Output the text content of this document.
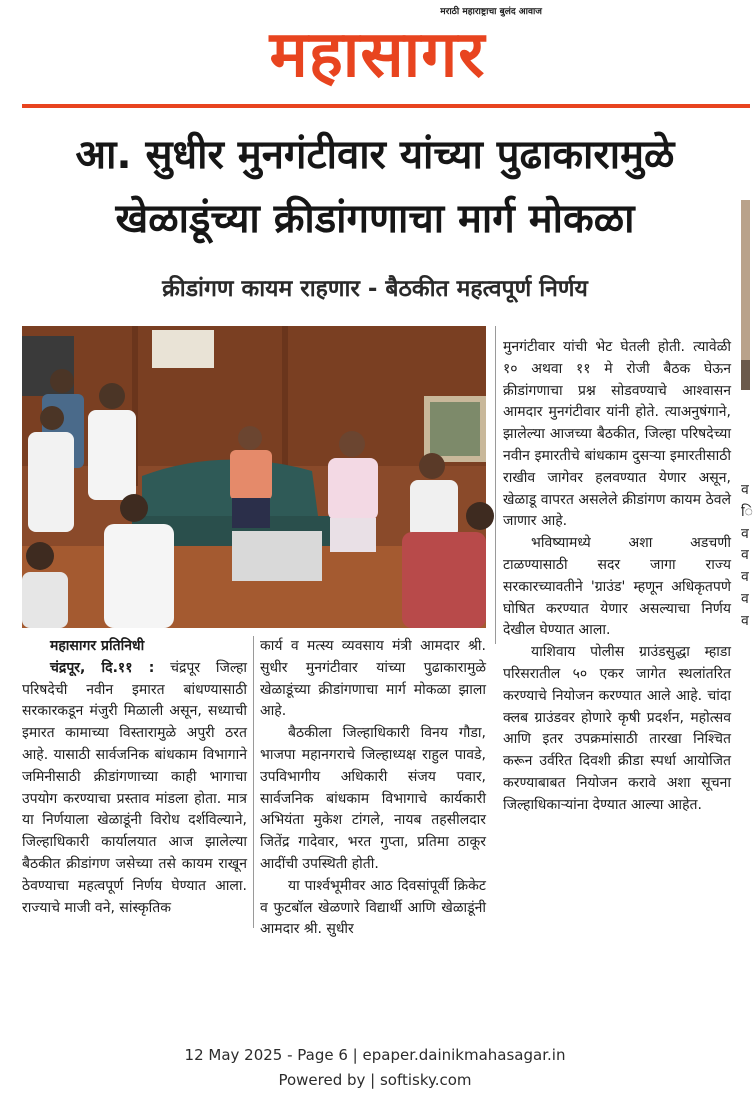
मराठी महाराष्ट्राचा बुलंद आवाज
महासागर
आ. सुधीर मुनगंटीवार यांच्या पुढाकारामुळे
खेळाडूंच्या क्रीडांगणाचा मार्ग मोकळा
क्रीडांगण कायम राहणार - बैठकीत महत्वपूर्ण निर्णय

महासागर प्रतिनिधी

चंद्रपूर, दि.११ : चंद्रपूर जिल्हा परिषदेची नवीन इमारत बांधण्यासाठी सरकारकडून मंजुरी मिळाली असून, सध्याची इमारत कामाच्या विस्तारामुळे अपुरी ठरत आहे. यासाठी सार्वजनिक बांधकाम विभागाने जमिनीसाठी क्रीडांगणाच्या काही भागाचा उपयोग करण्याचा प्रस्ताव मांडला होता. मात्र या निर्णयाला खेळाडूंनी विरोध दर्शविल्याने, जिल्हाधिकारी कार्यालयात आज झालेल्या बैठकीत क्रीडांगण जसेच्या तसे कायम राखून ठेवण्याचा महत्वपूर्ण निर्णय घेण्यात आला. राज्याचे माजी वने, सांस्कृतिक

कार्य व मत्स्य व्यवसाय मंत्री आमदार श्री. सुधीर मुनगंटीवार यांच्या पुढाकारामुळे खेळाडूंच्या क्रीडांगणाचा मार्ग मोकळा झाला आहे.

बैठकीला जिल्हाधिकारी विनय गौडा, भाजपा महानगराचे जिल्हाध्यक्ष राहुल पावडे, उपविभागीय अधिकारी संजय पवार, सार्वजनिक बांधकाम विभागाचे कार्यकारी अभियंता मुकेश टांगले, नायब तहसीलदार जितेंद्र गादेवार, भरत गुप्ता, प्रतिमा ठाकूर आदींची उपस्थिती होती.

या पार्श्वभूमीवर आठ दिवसांपूर्वी क्रिकेट व फुटबॉल खेळणारे विद्यार्थी आणि खेळाडूंनी आमदार श्री. सुधीर

मुनगंटीवार यांची भेट घेतली होती. त्यावेळी १० अथवा ११ मे रोजी बैठक घेऊन क्रीडांगणाचा प्रश्न सोडवण्याचे आश्वासन आमदार मुनगंटीवार यांनी होते. त्याअनुषंगाने, झालेल्या आजच्या बैठकीत, जिल्हा परिषदेच्या नवीन इमारतीचे बांधकाम दुसऱ्या इमारतीसाठी राखीव जागेवर हलवण्यात येणार असून, खेळाडू वापरत असलेले क्रीडांगण कायम ठेवले जाणार आहे.

भविष्यामध्ये अशा अडचणी टाळण्यासाठी सदर जागा राज्य सरकारच्यावतीने 'ग्राउंड' म्हणून अधिकृतपणे घोषित करण्यात येणार असल्याचा निर्णय देखील घेण्यात आला.

याशिवाय पोलीस ग्राउंडसुद्धा म्हाडा परिसरातील ५० एकर जागेत स्थलांतरित करण्याचे नियोजन करण्यात आले आहे. चांदा क्लब ग्राउंडवर होणारे कृषी प्रदर्शन, महोत्सव आणि इतर उपक्रमांसाठी तारखा निश्चित करून उर्वरित दिवशी क्रीडा स्पर्धा आयोजित करण्याबाबत नियोजन करावे अशा सूचना जिल्हाधिकाऱ्यांना देण्यात आल्या आहेत.

व ि व व व व व
12 May 2025 - Page 6 | epaper.dainikmahasagar.in
Powered by | softisky.com
